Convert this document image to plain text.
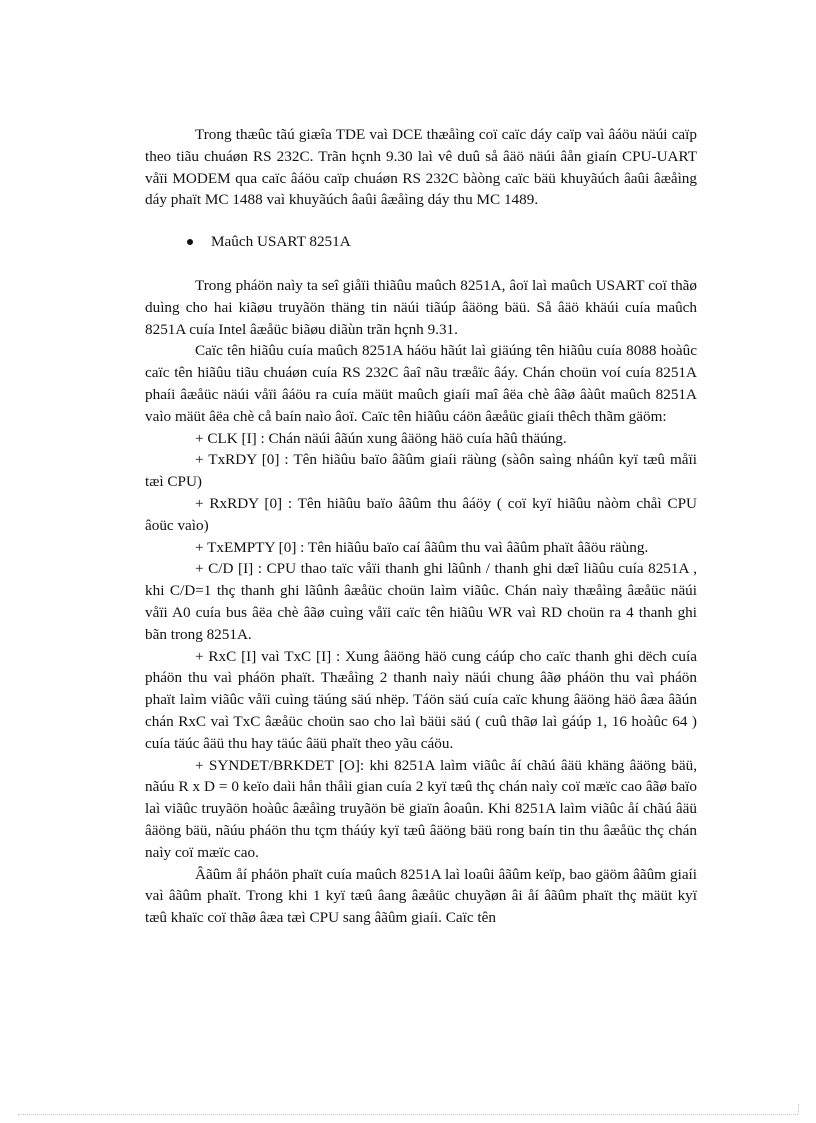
Trong thæûc tãú giæîa TDE vaì DCE thæåìng coï caïc dáy caïp vaì âáöu näúi caïp theo tiãu chuáøn RS 232C. Trãn hçnh 9.30 laì vê duû så âäö näúi âån giaín CPU-UART våïi MODEM qua caïc âáöu caïp chuáøn RS 232C bàòng caïc bäü khuyãúch âaûi âæåìng dáy phaït MC 1488 vaì khuyãúch âaûi âæåìng dáy thu MC 1489.

Maûch USART 8251A

Trong pháön naìy ta seî giåïi thiãûu maûch 8251A, âoï laì maûch USART coï thãø duìng cho hai kiãøu truyãön thäng tin näúi tiãúp âäöng bäü. Så âäö khäúi cuía maûch 8251A cuía Intel âæåüc biãøu diãùn trãn hçnh 9.31.

Caïc tên hiãûu cuía maûch 8251A háöu hãút laì giäúng tên hiãûu cuía 8088 hoàûc caïc tên hiãûu tiãu chuáøn cuía RS 232C âaî nãu træåïc âáy. Chán choün voí cuía 8251A phaíi âæåüc näúi våïi âáöu ra cuía mäüt maûch giaíi maî âëa chè âãø âàût maûch 8251A vaìo mäüt âëa chè cå baín naìo âoï. Caïc tên hiãûu cáön âæåüc giaíi thêch thãm gäöm:

+ CLK [I] : Chán näúi âãún xung âäöng häö cuía hãû thäúng.

+ TxRDY [0] : Tên hiãûu baïo âãûm giaíi räùng (sàôn saìng nháûn kyï tæû måïi tæì CPU)

+ RxRDY [0] : Tên hiãûu baïo âãûm thu âáöy ( coï kyï hiãûu nàòm chåì CPU âoüc vaìo)

+ TxEMPTY [0] : Tên hiãûu baïo caí âãûm thu vaì âãûm phaït âãöu räùng.

+ C/D [I] : CPU thao taïc våïi thanh ghi lãûnh / thanh ghi dæî liãûu cuía 8251A , khi C/D=1 thç thanh ghi lãûnh âæåüc choün laìm viãûc. Chán naìy thæåìng âæåüc näúi våïi A0 cuía bus âëa chè âãø cuìng våïi caïc tên hiãûu WR vaì RD choün ra 4 thanh ghi bãn trong 8251A.

+ RxC [I] vaì TxC [I] : Xung âäöng häö cung cáúp cho caïc thanh ghi dëch cuía pháön thu vaì pháön phaït. Thæåìng 2 thanh naìy näúi chung âãø pháön thu vaì pháön phaït laìm viãûc våïi cuìng täúng säú nhëp. Táön säú cuía caïc khung âäöng häö âæa âãún chán RxC vaì TxC âæåüc choün sao cho laì bäüi säú ( cuû thãø laì gáúp 1, 16 hoàûc 64 ) cuía täúc âäü thu hay täúc âäü phaït theo yãu cáöu.

+ SYNDET/BRKDET [O]: khi 8251A laìm viãûc åí chãú âäü khäng âäöng bäü, nãúu R x D = 0 keïo daìi hån thåìi gian cuía 2 kyï tæû thç chán naìy coï mæïc cao âãø baïo laì viãûc truyãön hoàûc âæåìng truyãön bë giaïn âoaûn. Khi 8251A laìm viãûc åí chãú âäü âäöng bäü, nãúu pháön thu tçm tháúy kyï tæû âäöng bäü rong baín tin thu âæåüc thç chán naìy coï mæïc cao.

Âãûm åí pháön phaït cuía maûch 8251A laì loaûi âãûm keïp, bao gäöm âãûm giaíi vaì âãûm phaït. Trong khi 1 kyï tæû âang âæåüc chuyãøn âi åí âãûm phaït thç mäüt kyï tæû khaïc coï thãø âæa tæì CPU sang âãûm giaíi. Caïc tên
